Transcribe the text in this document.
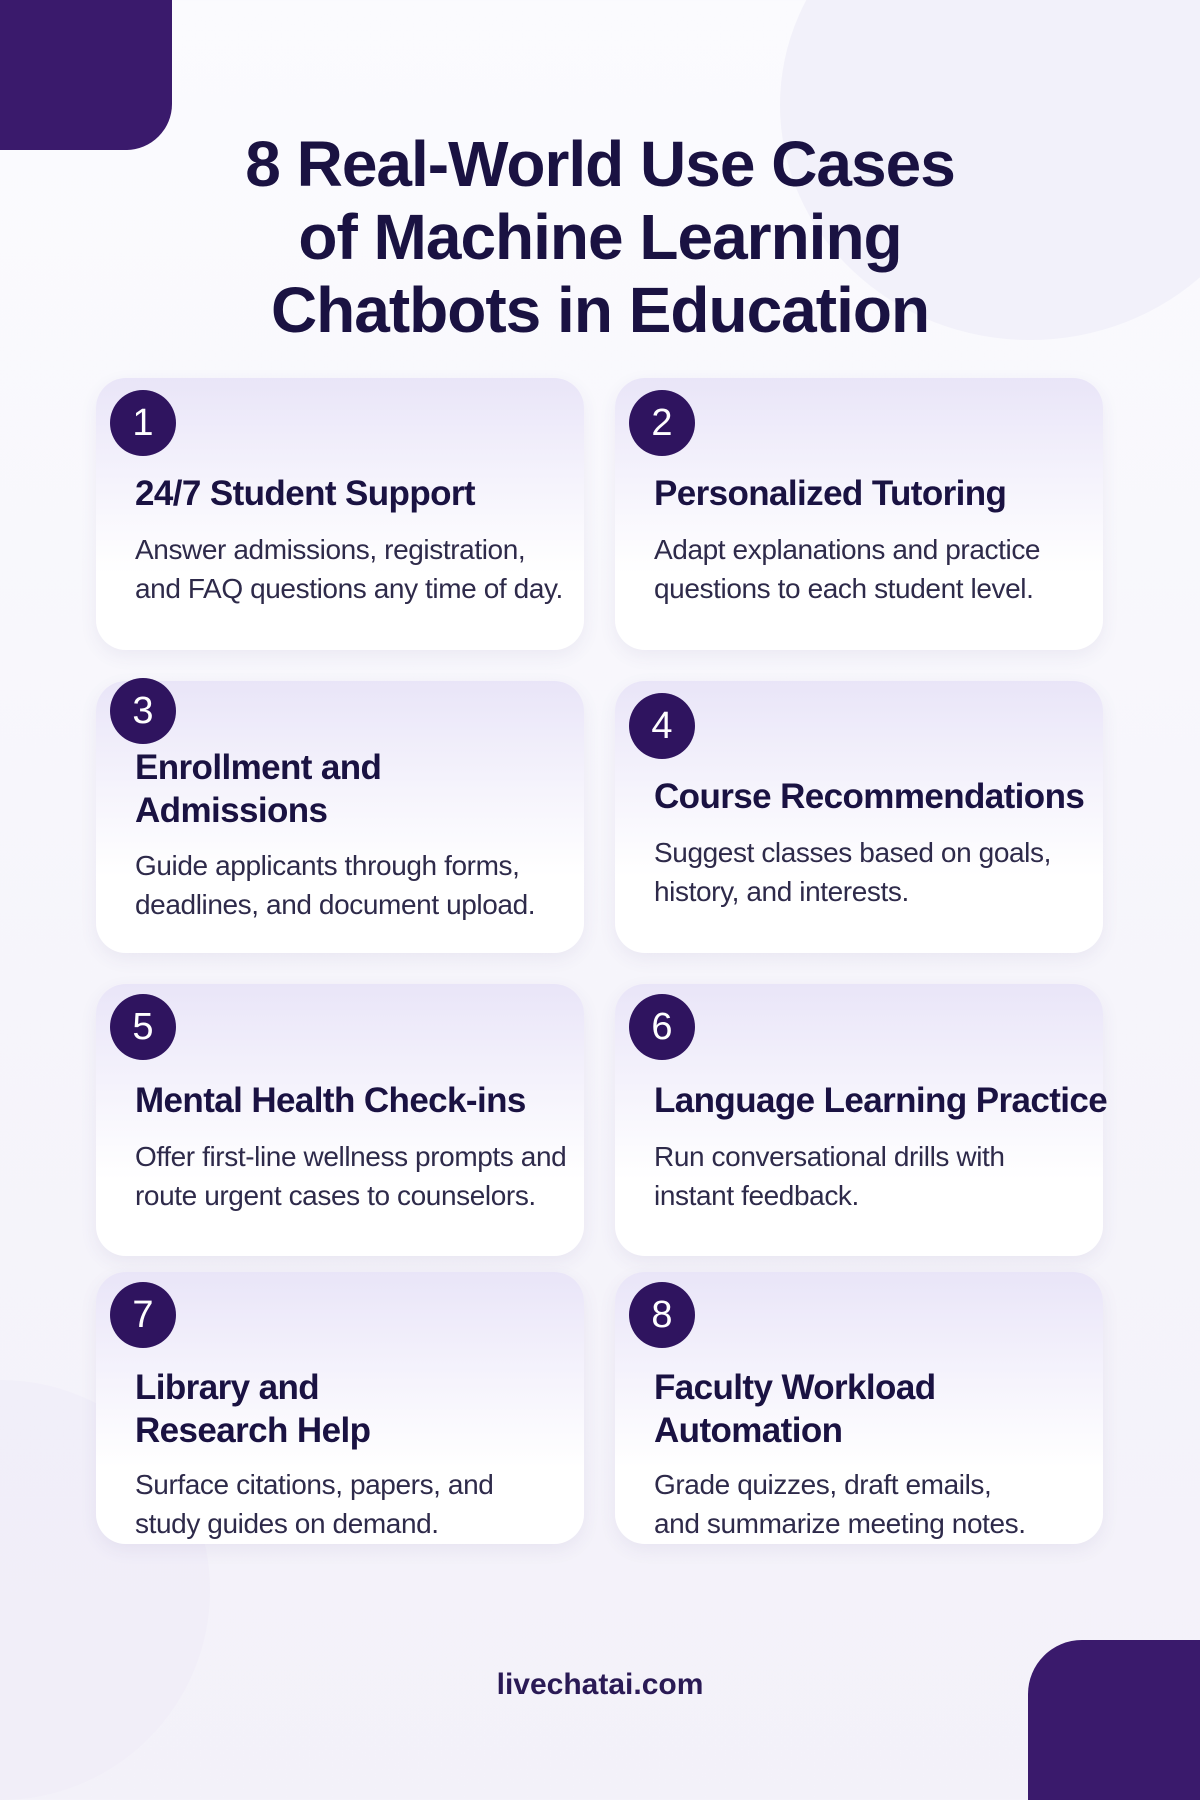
8 Real-World Use Cases
of Machine Learning
Chatbots in Education
1
24/7 Student Support
Answer admissions, registration,
and FAQ questions any time of day.
2
Personalized Tutoring
Adapt explanations and practice
questions to each student level.
3
Enrollment and
Admissions
Guide applicants through forms,
deadlines, and document upload.
4
Course Recommendations
Suggest classes based on goals,
history, and interests.
5
Mental Health Check-ins
Offer first-line wellness prompts and
route urgent cases to counselors.
6
Language Learning Practice
Run conversational drills with
instant feedback.
7
Library and
Research Help
Surface citations, papers, and
study guides on demand.
8
Faculty Workload
Automation
Grade quizzes, draft emails,
and summarize meeting notes.
livechatai.com
